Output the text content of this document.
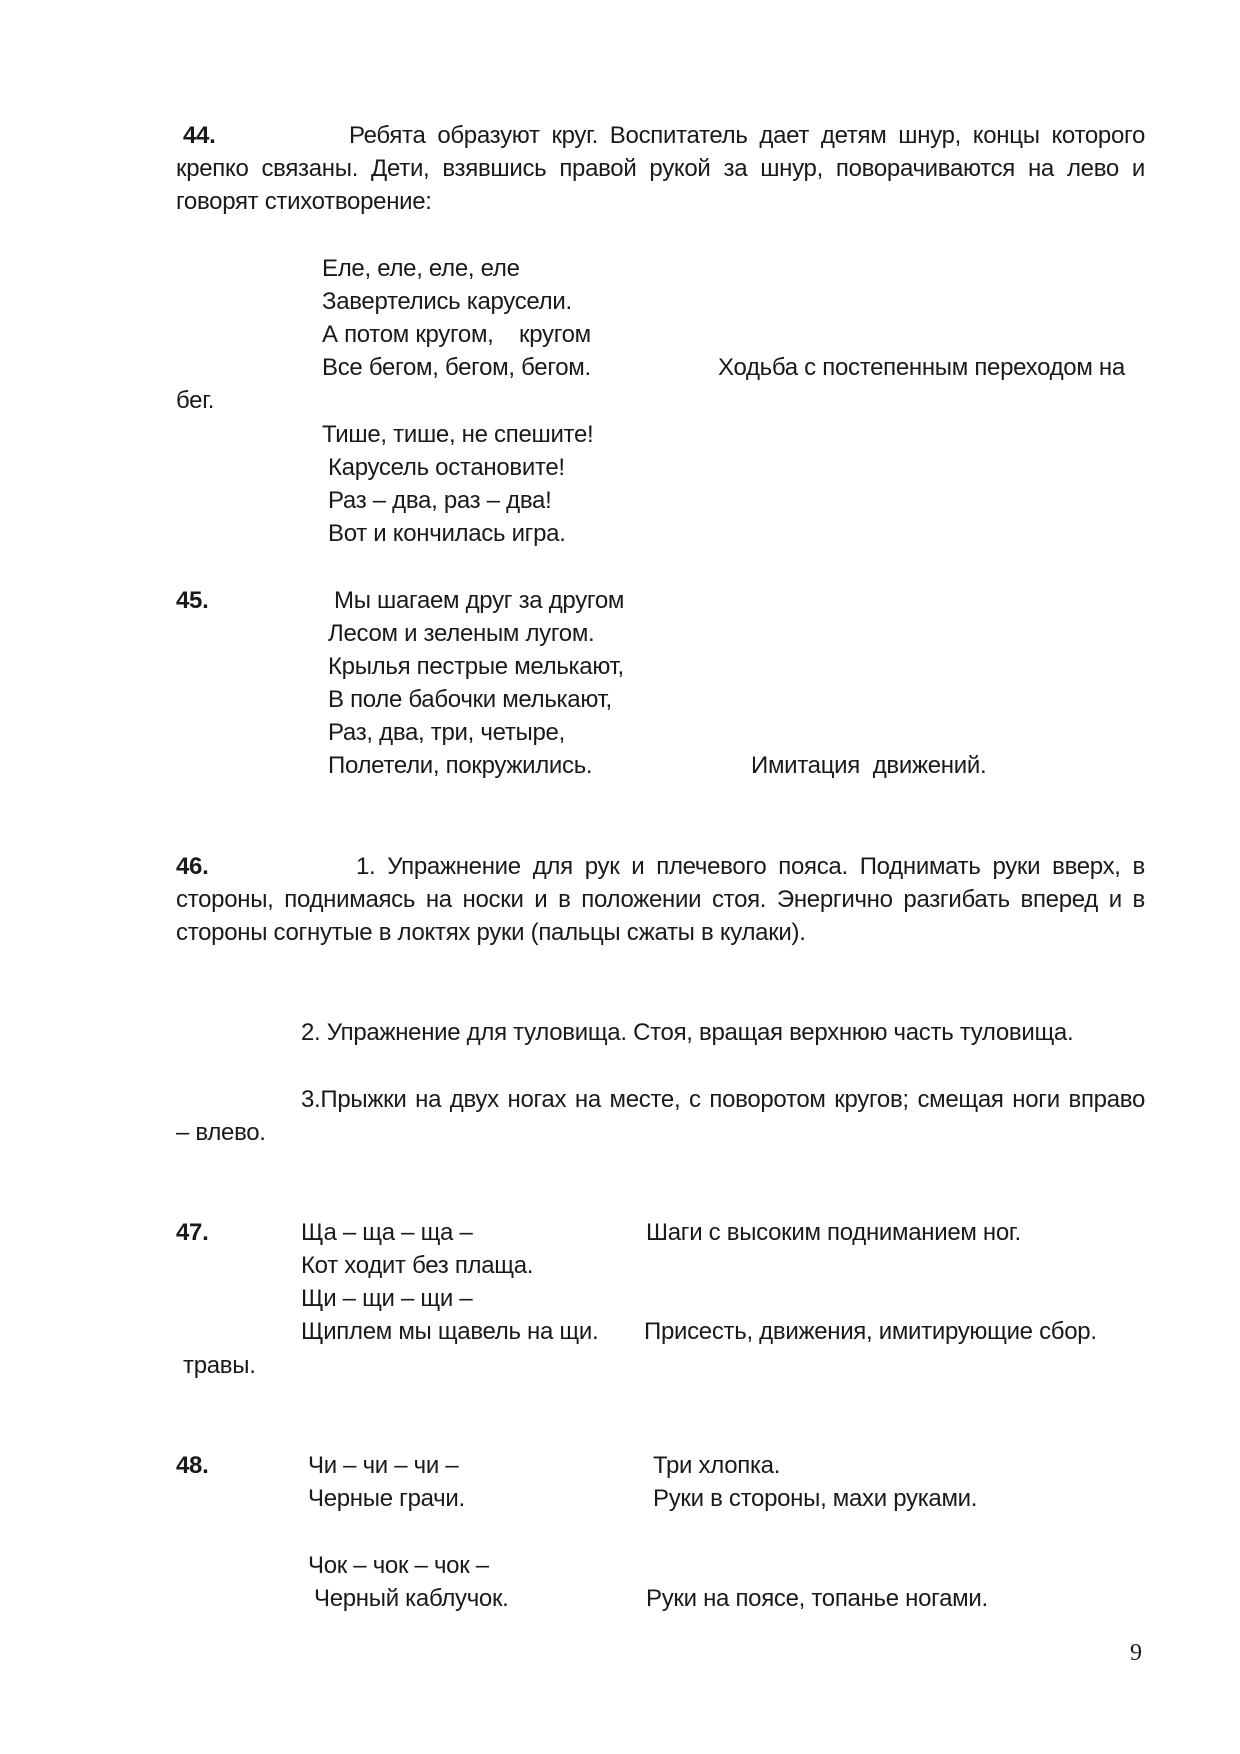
44.	Ребята образуют круг. Воспитатель дает детям шнур, концы которого
крепко связаны. Дети, взявшись правой рукой за шнур, поворачиваются на лево и
говорят стихотворение:
Еле, еле, еле, еле
Завертелись карусели.
А потом кругом,    кругом
Все бегом, бегом, бегом.	Ходьба с постепенным переходом на
бег.
Тише, тише, не спешите!
Карусель остановите!
Раз – два, раз – два!
Вот и кончилась игра.
45.	Мы шагаем друг за другом
Лесом и зеленым лугом.
Крылья пестрые мелькают,
В поле бабочки мелькают,
Раз, два, три, четыре,
Полетели, покружились.	Имитация  движений.
46.	1. Упражнение для рук и плечевого пояса. Поднимать руки вверх, в
стороны, поднимаясь на носки и в положении стоя. Энергично разгибать вперед и в
стороны согнутые в локтях руки (пальцы сжаты в кулаки).
2. Упражнение для туловища. Стоя, вращая верхнюю часть туловища.
3.Прыжки на двух ногах на месте, с поворотом кругов; смещая ноги вправо
– влево.
47.	Ща – ща – ща –	Шаги с высоким подниманием ног.
Кот ходит без плаща.
Щи – щи – щи –
Щиплем мы щавель на щи. Присесть, движения, имитирующие сбор.
травы.
48.	Чи – чи – чи –	Три хлопка.
Черные грачи.	Руки в стороны, махи руками.
Чок – чок – чок –
Черный каблучок.	Руки на поясе, топанье ногами.
9
